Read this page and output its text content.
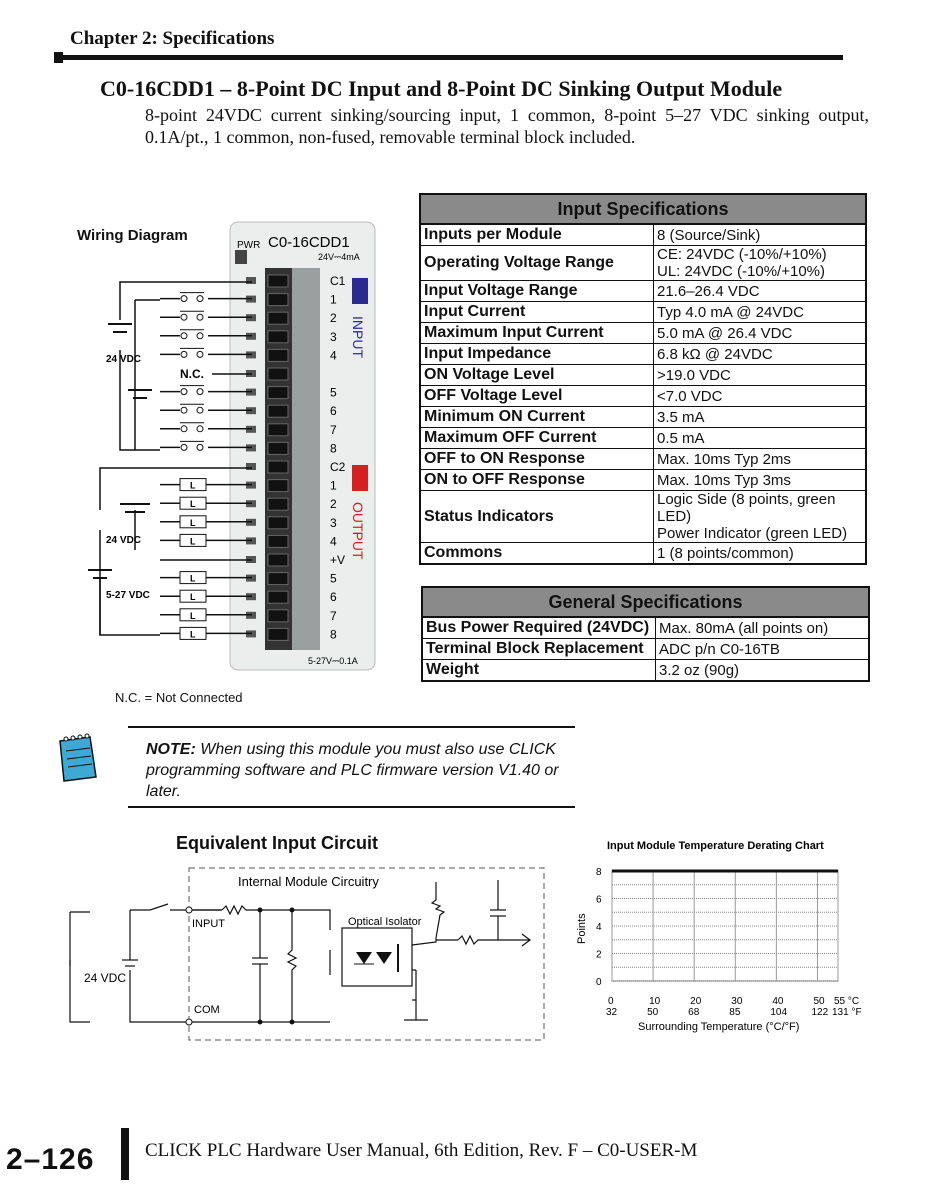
Chapter 2: Specifications
C0-16CDD1 – 8-Point DC Input and 8-Point DC Sinking Output Module
8-point 24VDC current sinking/sourcing input, 1 common, 8-point 5–27 VDC sinking output, 0.1A/pt., 1 common, non-fused, removable terminal block included.
Wiring Diagram
PWR C0-16CDD1
24V⎓4mA
5-27V⎓0.1A
C1
1
2
3
4
5
6
7
8
C2
1
2
3
4
+V
5
6
7
8
INPUT
OUTPUT
L
L
L
L
L
L
L
L
24 VDC
24 VDC
5-27 VDC
N.C.
N.C. = Not Connected
Input Specifications	
Inputs per Module	8 (Source/Sink)

Operating Voltage Range	CE: 24VDC (-10%/+10%)
UL: 24VDC (-10%/+10%)

Input Voltage Range	21.6–26.4 VDC

Input Current	Typ 4.0 mA @ 24VDC

Maximum Input Current	5.0 mA @ 26.4 VDC

Input Impedance	6.8 kΩ @ 24VDC

ON Voltage Level	>19.0 VDC

OFF Voltage Level	<7.0 VDC

Minimum ON Current	3.5 mA

Maximum OFF Current	0.5 mA

OFF to ON Response	Max. 10ms Typ 2ms

ON to OFF Response	Max. 10ms Typ 3ms

Status Indicators	Logic Side (8 points, green LED)
Power Indicator (green LED)

Commons	1 (8 points/common)
General Specifications	
Bus Power Required (24VDC)	Max. 80mA (all points on)

Terminal Block Replacement	ADC p/n C0-16TB

Weight	3.2 oz (90g)
NOTE: When using this module you must also use CLICK programming software and PLC firmware version V1.40 or later.
Equivalent Input Circuit
Internal Module Circuitry
Optical Isolator
INPUT
COM
24 VDC
Input Module Temperature Derating Chart
Points
Surrounding Temperature (°C/°F)
0
2
4
6
8
0
32
10
50
20
68
30
85
40
104
50
122
55 °C
131 °F
2–126	CLICK PLC Hardware User Manual, 6th Edition, Rev. F – C0-USER-M
